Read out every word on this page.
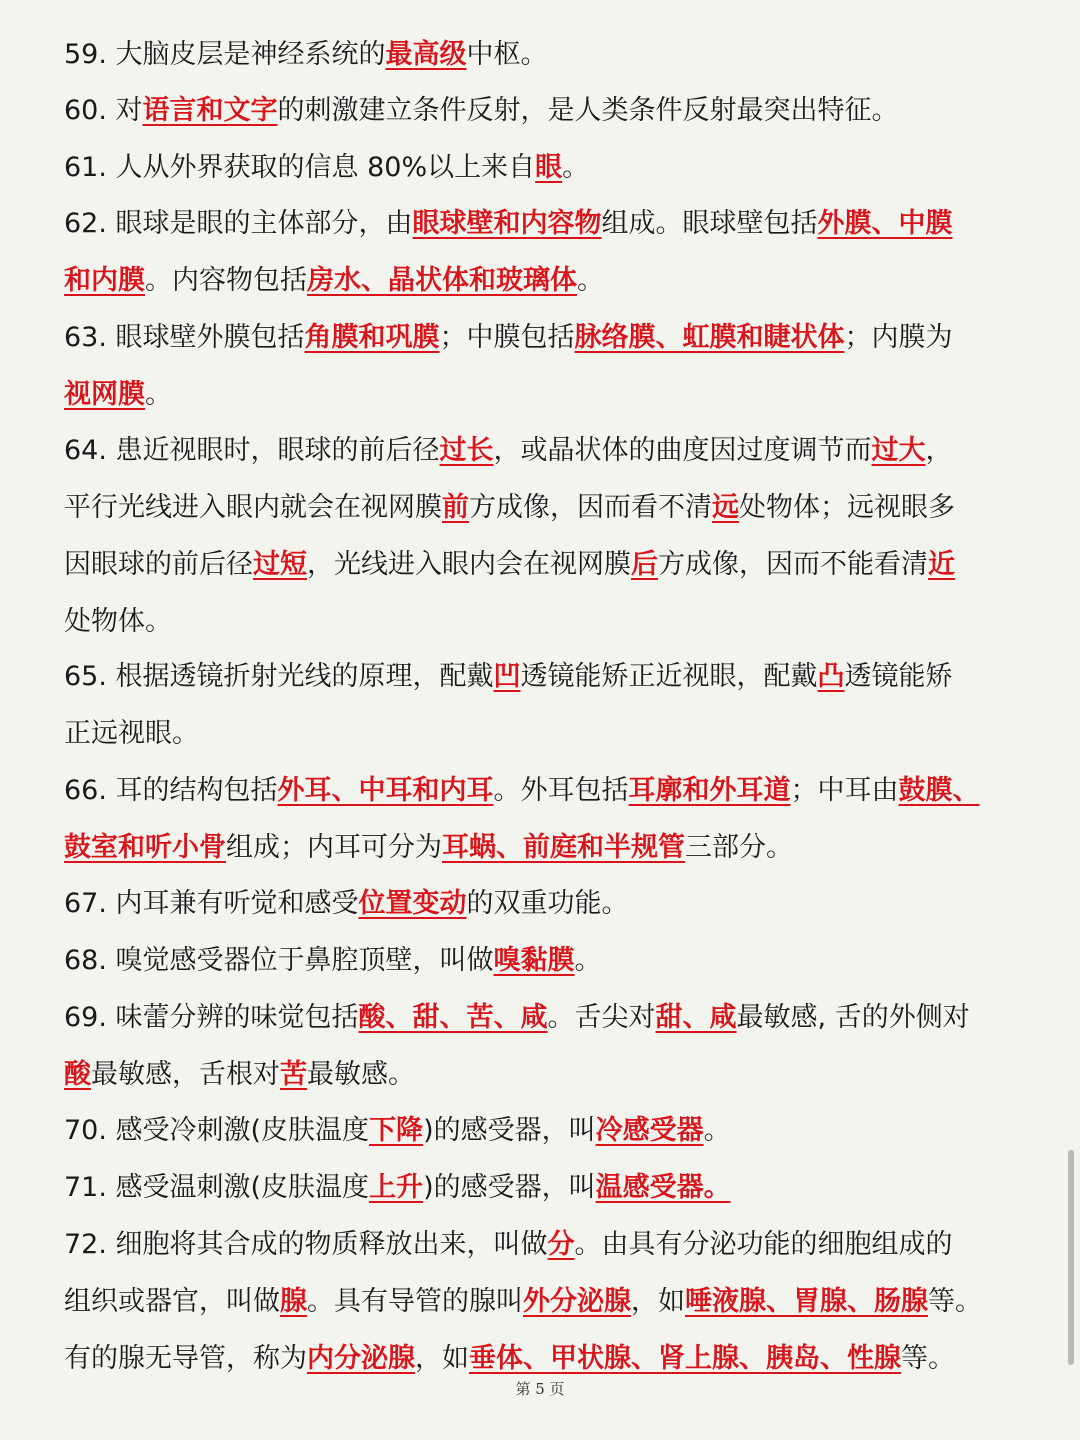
59. 大脑皮层是神经系统的最高级中枢。
60. 对语言和文字的刺激建立条件反射，是人类条件反射最突出特征。
61. 人从外界获取的信息 80%以上来自眼。
62. 眼球是眼的主体部分，由眼球壁和内容物组成。眼球壁包括外膜、中膜
和内膜。内容物包括房水、晶状体和玻璃体。
63. 眼球壁外膜包括角膜和巩膜；中膜包括脉络膜、虹膜和睫状体；内膜为
视网膜。
64. 患近视眼时，眼球的前后径过长，或晶状体的曲度因过度调节而过大，
平行光线进入眼内就会在视网膜前方成像，因而看不清远处物体；远视眼多
因眼球的前后径过短，光线进入眼内会在视网膜后方成像，因而不能看清近
处物体。
65. 根据透镜折射光线的原理，配戴凹透镜能矫正近视眼，配戴凸透镜能矫
正远视眼。
66. 耳的结构包括外耳、中耳和内耳。外耳包括耳廓和外耳道；中耳由鼓膜、
鼓室和听小骨组成；内耳可分为耳蜗、前庭和半规管三部分。
67. 内耳兼有听觉和感受位置变动的双重功能。
68. 嗅觉感受器位于鼻腔顶壁，叫做嗅黏膜。
69. 味蕾分辨的味觉包括酸、甜、苦、咸。舌尖对甜、咸最敏感, 舌的外侧对
酸最敏感，舌根对苦最敏感。
70. 感受冷刺激(皮肤温度下降)的感受器，叫冷感受器。
71. 感受温刺激(皮肤温度上升)的感受器，叫温感受器。
72. 细胞将其合成的物质释放出来，叫做分。由具有分泌功能的细胞组成的
组织或器官，叫做腺。具有导管的腺叫外分泌腺，如唾液腺、胃腺、肠腺等。
有的腺无导管，称为内分泌腺，如垂体、甲状腺、肾上腺、胰岛、性腺等。
第 5 页
